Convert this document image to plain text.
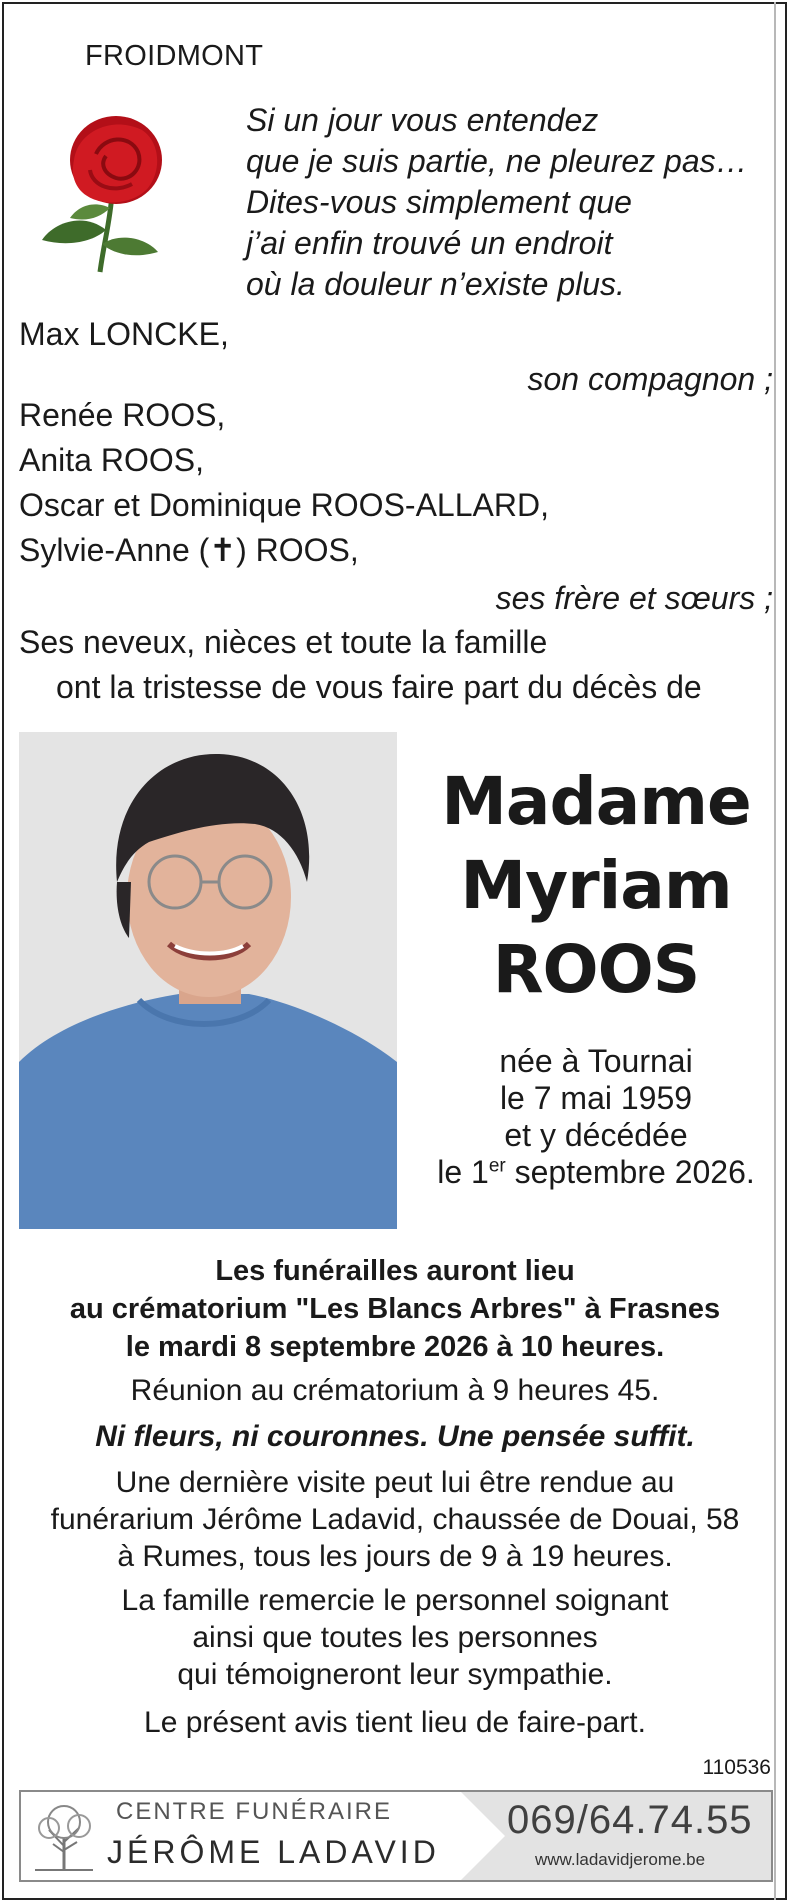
FROIDMONT
Si un jour vous entendez
que je suis partie, ne pleurez pas…
Dites-vous simplement que
j’ai enfin trouvé un endroit
où la douleur n’existe plus.
Max LONCKE,
son compagnon ;
Renée ROOS,
Anita ROOS,
Oscar et Dominique ROOS-ALLARD,
Sylvie-Anne (✝) ROOS,
ses frère et sœurs ;
Ses neveux, nièces et toute la famille
ont la tristesse de vous faire part du décès de
Madame
Myriam
ROOS
née à Tournai
le 7 mai 1959
et y décédée
le 1er septembre 2026.
Les funérailles auront lieu
au crématorium "Les Blancs Arbres" à Frasnes
le mardi 8 septembre 2026 à 10 heures.
Réunion au crématorium à 9 heures 45.
Ni fleurs, ni couronnes. Une pensée suffit.
Une dernière visite peut lui être rendue au
funérarium Jérôme Ladavid, chaussée de Douai, 58
à Rumes, tous les jours de 9 à 19 heures.
La famille remercie le personnel soignant
ainsi que toutes les personnes
qui témoigneront leur sympathie.
Le présent avis tient lieu de faire-part.
110536
CENTRE FUNÉRAIRE
JÉRÔME LADAVID
069/64.74.55
www.ladavidjerome.be
